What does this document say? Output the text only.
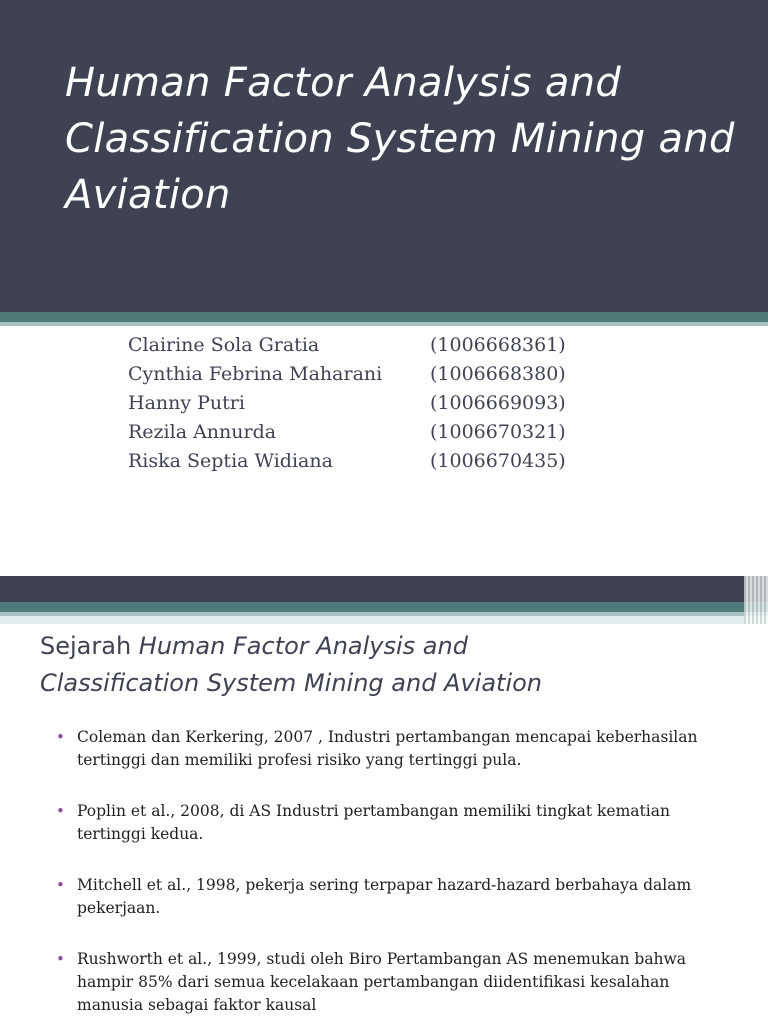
Human Factor Analysis and Classification System Mining and Aviation
Clairine Sola Gratia	(1006668361)
Cynthia Febrina Maharani	(1006668380)
Hanny Putri	(1006669093)
Rezila Annurda	(1006670321)
Riska Septia Widiana	(1006670435)
Sejarah Human Factor Analysis and
Classification System Mining and Aviation
• Coleman dan Kerkering, 2007 , Industri pertambangan mencapai keberhasilan tertinggi dan memiliki profesi risiko yang tertinggi pula.
• Poplin et al., 2008, di AS Industri pertambangan memiliki tingkat kematian tertinggi kedua.
• Mitchell et al., 1998, pekerja sering terpapar hazard-hazard berbahaya dalam pekerjaan.
• Rushworth et al., 1999, studi oleh Biro Pertambangan AS menemukan bahwa hampir 85% dari semua kecelakaan pertambangan diidentifikasi kesalahan manusia sebagai faktor kausal
